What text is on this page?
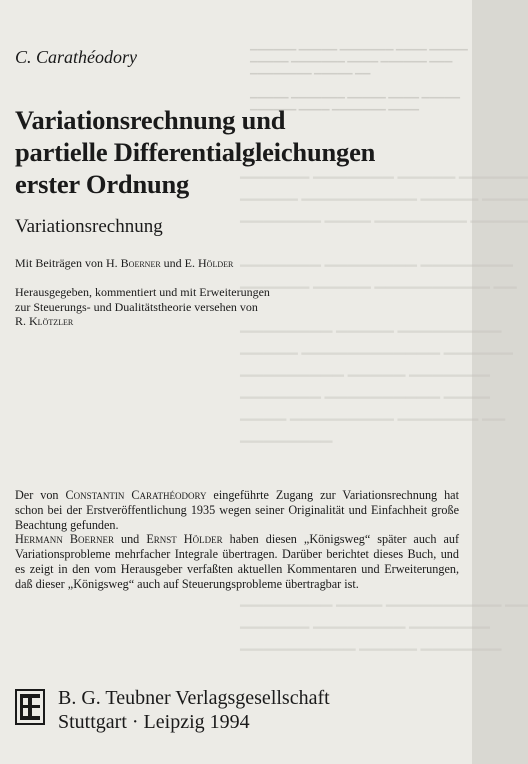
▁▁▁▁▁▁ ▁▁▁▁▁ ▁▁▁▁▁▁▁ ▁▁▁▁ ▁▁▁▁▁
▁▁▁▁▁ ▁▁▁▁▁▁▁ ▁▁▁▁ ▁▁▁▁▁▁ ▁▁▁
▁▁▁▁▁▁▁▁ ▁▁▁▁▁ ▁▁
▁▁▁▁▁ ▁▁▁▁▁▁▁ ▁▁▁▁▁ ▁▁▁▁ ▁▁▁▁▁
▁▁▁▁▁▁ ▁▁▁▁ ▁▁▁▁▁▁▁ ▁▁▁▁
▁▁▁▁▁▁ ▁▁▁▁▁▁▁ ▁▁▁▁▁ ▁▁▁▁▁▁
▁▁▁▁▁ ▁▁▁▁▁▁▁▁▁▁ ▁▁▁▁▁ ▁▁▁▁
▁▁▁▁▁▁▁ ▁▁▁▁ ▁▁▁▁▁▁▁▁ ▁▁▁▁▁
▁▁▁▁▁▁▁ ▁▁▁▁▁▁▁▁ ▁▁▁▁▁▁▁▁
▁▁▁▁▁▁ ▁▁▁▁▁ ▁▁▁▁▁▁▁▁▁▁ ▁▁
▁▁▁▁▁▁▁▁ ▁▁▁▁▁ ▁▁▁▁▁▁▁▁▁
▁▁▁▁▁ ▁▁▁▁▁▁▁▁▁▁▁▁ ▁▁▁▁▁▁
▁▁▁▁▁▁▁▁▁ ▁▁▁▁▁ ▁▁▁▁▁▁▁
▁▁▁▁▁▁▁ ▁▁▁▁▁▁▁▁▁▁ ▁▁▁▁
▁▁▁▁ ▁▁▁▁▁▁▁▁▁ ▁▁▁▁▁▁▁ ▁▁
▁▁▁▁▁▁▁▁
▁▁▁▁▁▁▁▁ ▁▁▁▁ ▁▁▁▁▁▁▁▁▁▁ ▁▁
▁▁▁▁▁▁ ▁▁▁▁▁▁▁▁ ▁▁▁▁▁▁▁
▁▁▁▁▁▁▁▁▁▁ ▁▁▁▁▁ ▁▁▁▁▁▁▁
C. Carathéodory
Variationsrechnung und
partielle Differentialgleichungen
erster Ordnung
Variationsrechnung
Mit Beiträgen von H. Boerner und E. Hölder
Herausgegeben, kommentiert und mit Erweiterungen
zur Steuerungs- und Dualitätstheorie versehen von
R. Klötzler

Der von Constantin Carathéodory eingeführte Zugang zur Variationsrechnung hat schon bei der Erstveröffentlichung 1935 wegen seiner Originalität und Einfachheit große Beachtung gefunden.

Hermann Boerner und Ernst Hölder haben diesen „Königsweg“ später auch auf Variationsprobleme mehrfacher Integrale übertragen. Darüber berichtet dieses Buch, und es zeigt in den vom Herausgeber verfaßten aktuellen Kommentaren und Erweiterungen, daß dieser „Königsweg“ auch auf Steuerungsprobleme übertragbar ist.

B. G. Teubner Verlagsgesellschaft
Stuttgart · Leipzig 1994
